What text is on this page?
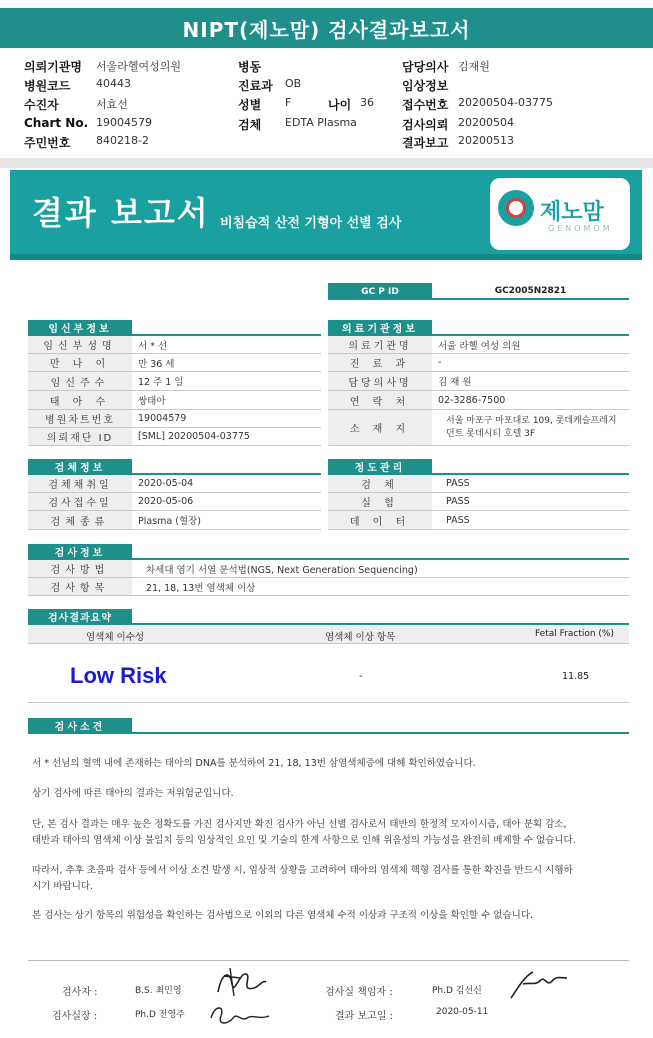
NIPT(제노맘) 검사결과보고서
의뢰기관명 서울라헬여성의원
병원코드 40443
수진자	서효선
Chart No. 19004579
주민번호 840218-2
병동
진료과 OB
성별 F	나이 36
검체 EDTA Plasma
담당의사 김재원
임상정보
접수번호 20200504-03775
검사의뢰 20200504
결과보고 20200513
결과 보고서 비침습적 산전 기형아 선별 검사	제노맘
GENOMOM
GC P ID	GC2005N2821
임신부정보
임신부성명	서 * 선
만 나 이	만 36 세
임신주수	12 주 1 일
태 아 수	쌍태아
병원차트번호	19004579
의뢰재단 ID	[SML] 20200504-03775
의료기관정보
의료기관명	서울 라헬 여성 의원
진 료 과	-
담당의사명	김 재 원
연 락 처	02-3286-7500
소 재 지
서울 마포구 마포대로 109, 롯데캐슬프레지
던트 롯데시티 호텔 3F
검체정보
검체채취일	2020-05-04
검사접수일	2020-05-06
검체종류	Plasma (혈장)
정도관리
검 체	PASS
실 험	PASS
데 이 터	PASS
검사정보
검사방법	차세대 염기 서열 분석법(NGS, Next Generation Sequencing)
검사항목	21, 18, 13번 염색체 이상
검사결과요약
염색체 이수성	염색체 이상 항목	Fetal Fraction (%)
Low Risk	-	11.85
검사소견
서 * 선님의 혈액 내에 존재하는 태아의 DNA를 분석하여 21, 18, 13번 삼염색체증에 대해 확인하였습니다.
상기 검사에 따른 태아의 결과는 저위험군입니다.
단, 본 검사 결과는 매우 높은 정확도를 가진 검사지만 확진 검사가 아닌 선별 검사로서 태반의 한정적 모자이시즘, 태아 분획 감소,
태반과 태아의 염색체 이상 불일치 등의 임상적인 요인 및 기술의 한계 사항으로 인해 위음성의 가능성을 완전히 배제할 수 없습니다.
따라서, 추후 초음파 검사 등에서 이상 소견 발생 시, 임상적 상황을 고려하여 태아의 염색체 핵형 검사를 통한 확진을 반드시 시행하
시기 바랍니다.
본 검사는 상기 항목의 위험성을 확인하는 검사법으로 이외의 다른 염색체 수적 이상과 구조적 이상을 확인할 수 없습니다.
검사자 :	B.S. 최민영
검사실장 :	Ph.D 전영주
검사실 책임자 :	Ph.D 김선신
결과 보고일 :	2020-05-11
